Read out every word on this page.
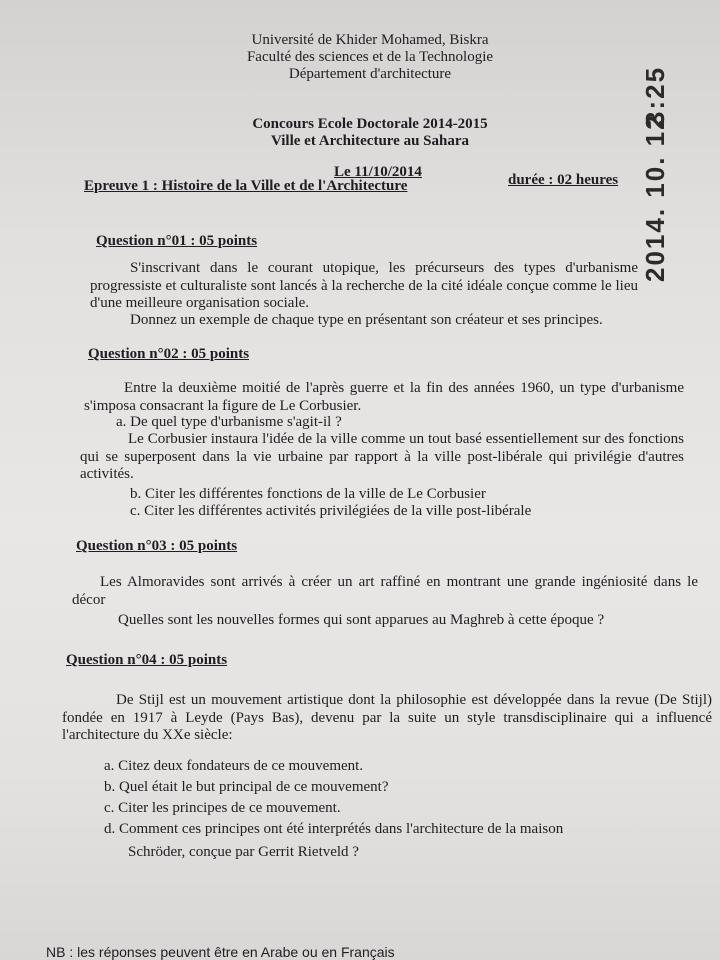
Université de Khider Mohamed, Biskra
Faculté des sciences et de la Technologie
Département d'architecture
Concours Ecole Doctorale 2014-2015
Ville et Architecture au Sahara
Le 11/10/2014
Epreuve 1 : Histoire de la Ville et de l'Architecture	durée : 02 heures
3:25
2014. 10. 12
Question n°01 : 05 points
S'inscrivant dans le courant utopique, les précurseurs des types d'urbanisme progressiste et culturaliste sont lancés à la recherche de la cité idéale conçue comme le lieu d'une meilleure organisation sociale.
Donnez un exemple de chaque type en présentant son créateur et ses principes.
Question n°02 : 05 points
Entre la deuxième moitié de l'après guerre et la fin des années 1960, un type d'urbanisme s'imposa consacrant la figure de Le Corbusier.
a. De quel type d'urbanisme s'agit-il ?
Le Corbusier instaura l'idée de la ville comme un tout basé essentiellement sur des fonctions qui se superposent dans la vie urbaine par rapport à la ville post-libérale qui privilégie d'autres activités.
b. Citer les différentes fonctions de la ville de Le Corbusier
c. Citer les différentes activités privilégiées de la ville post-libérale
Question n°03 : 05 points
Les Almoravides sont arrivés à créer un art raffiné en montrant une grande ingéniosité dans le décor
Quelles sont les nouvelles formes qui sont apparues au Maghreb à cette époque ?
Question n°04 : 05 points
De Stijl est un mouvement artistique dont la philosophie est développée dans la revue (De Stijl) fondée en 1917 à Leyde (Pays Bas), devenu par la suite un style transdisciplinaire qui a influencé l'architecture du XXe siècle:
a. Citez deux fondateurs de ce mouvement.
b. Quel était le but principal de ce mouvement?
c. Citer les principes de ce mouvement.
d. Comment ces principes ont été interprétés dans l'architecture de la maison
Schröder, conçue par Gerrit Rietveld ?
NB : les réponses peuvent être en Arabe ou en Français
